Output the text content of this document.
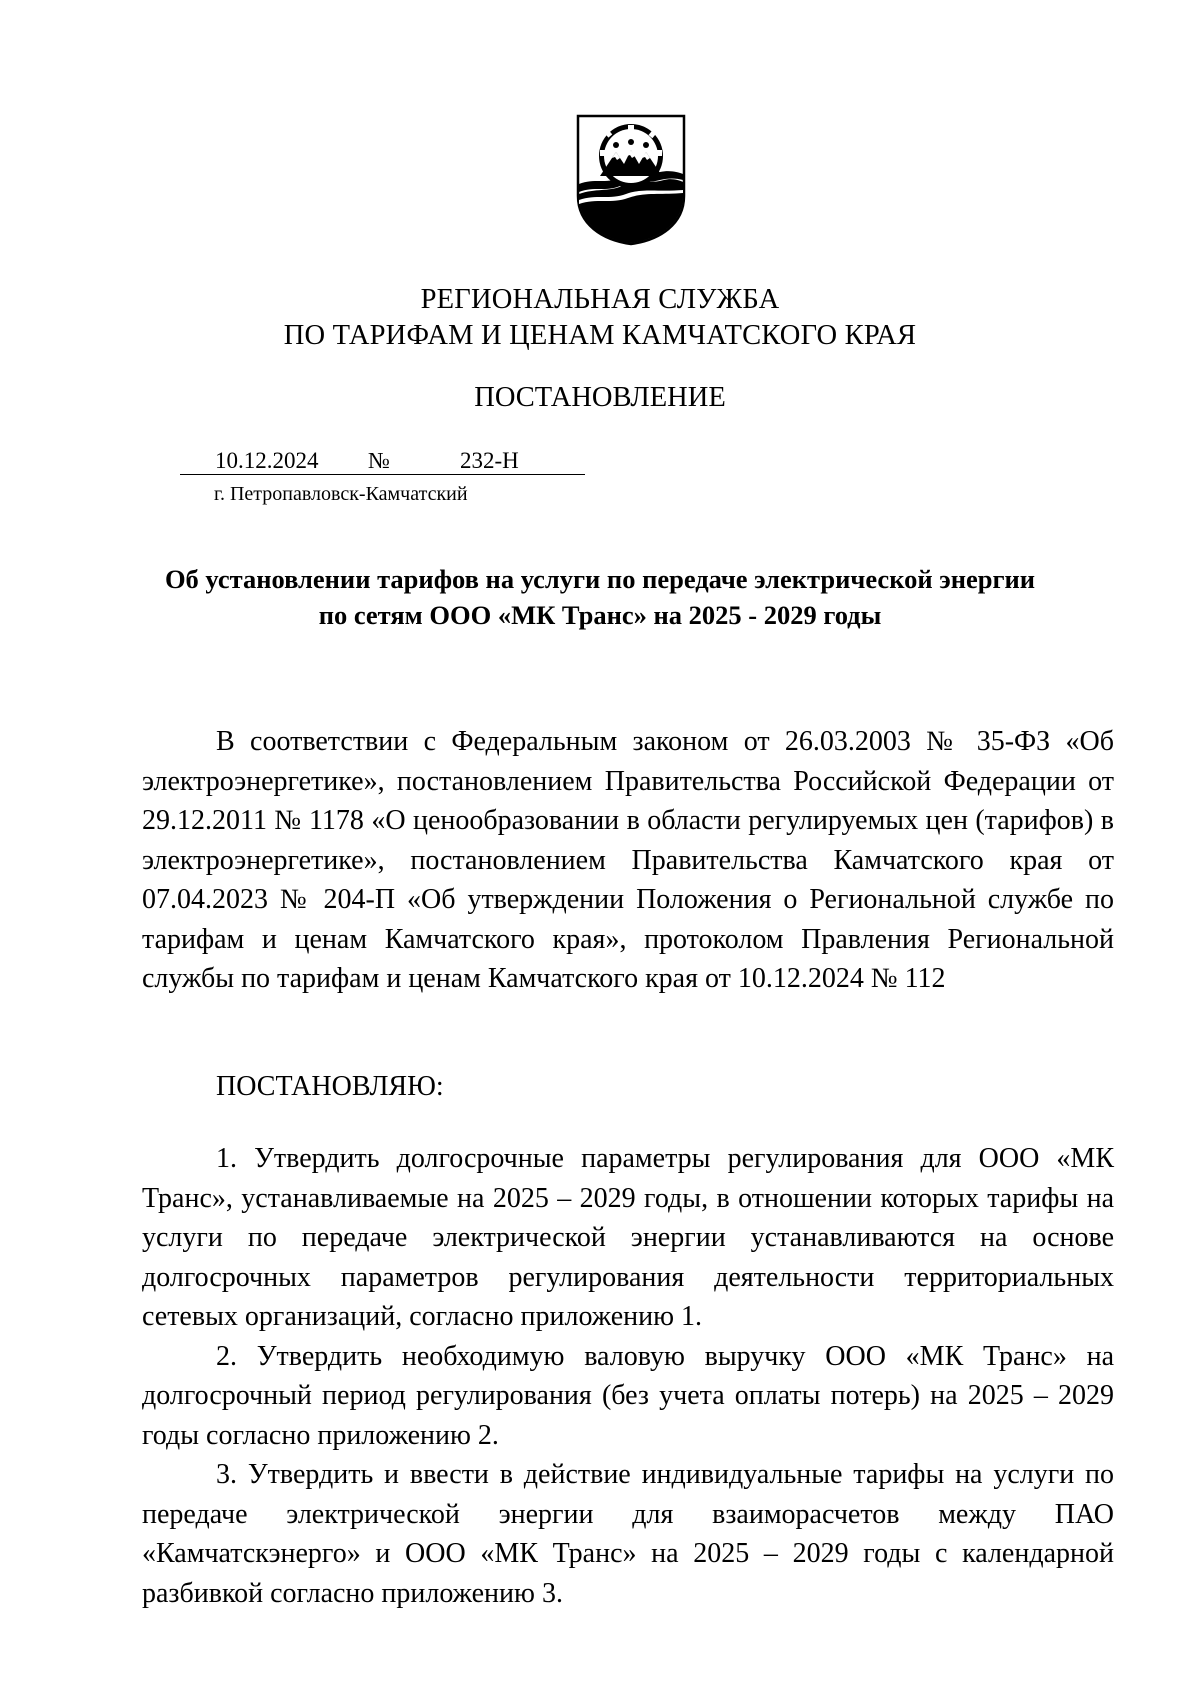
РЕГИОНАЛЬНАЯ СЛУЖБА
ПО ТАРИФАМ И ЦЕНАМ КАМЧАТСКОГО КРАЯ
ПОСТАНОВЛЕНИЕ
10.12.2024 №	232-Н
г. Петропавловск-Камчатский
Об установлении тарифов на услуги по передаче электрической энергии
по сетям ООО «МК Транс» на 2025 - 2029 годы

В соответствии с Федеральным законом от 26.03.2003 № 35-ФЗ «Об электроэнергетике», постановлением Правительства Российской Федерации от 29.12.2011 № 1178 «О ценообразовании в области регулируемых цен (тарифов) в электроэнергетике», постановлением Правительства Камчатского края от 07.04.2023 № 204-П «Об утверждении Положения о Региональной службе по тарифам и ценам Камчатского края», протоколом Правления Региональной службы по тарифам и ценам Камчатского края от 10.12.2024 № 112

ПОСТАНОВЛЯЮ:

1. Утвердить долгосрочные параметры регулирования для ООО «МК Транс», устанавливаемые на 2025 – 2029 годы, в отношении которых тарифы на услуги по передаче электрической энергии устанавливаются на основе долгосрочных параметров регулирования деятельности территориальных сетевых организаций, согласно приложению 1.

2. Утвердить необходимую валовую выручку ООО «МК Транс» на долгосрочный период регулирования (без учета оплаты потерь) на 2025 – 2029 годы согласно приложению 2.

3. Утвердить и ввести в действие индивидуальные тарифы на услуги по передаче электрической энергии для взаиморасчетов между ПАО «Камчатскэнерго» и ООО «МК Транс» на 2025 – 2029 годы с календарной разбивкой согласно приложению 3.
